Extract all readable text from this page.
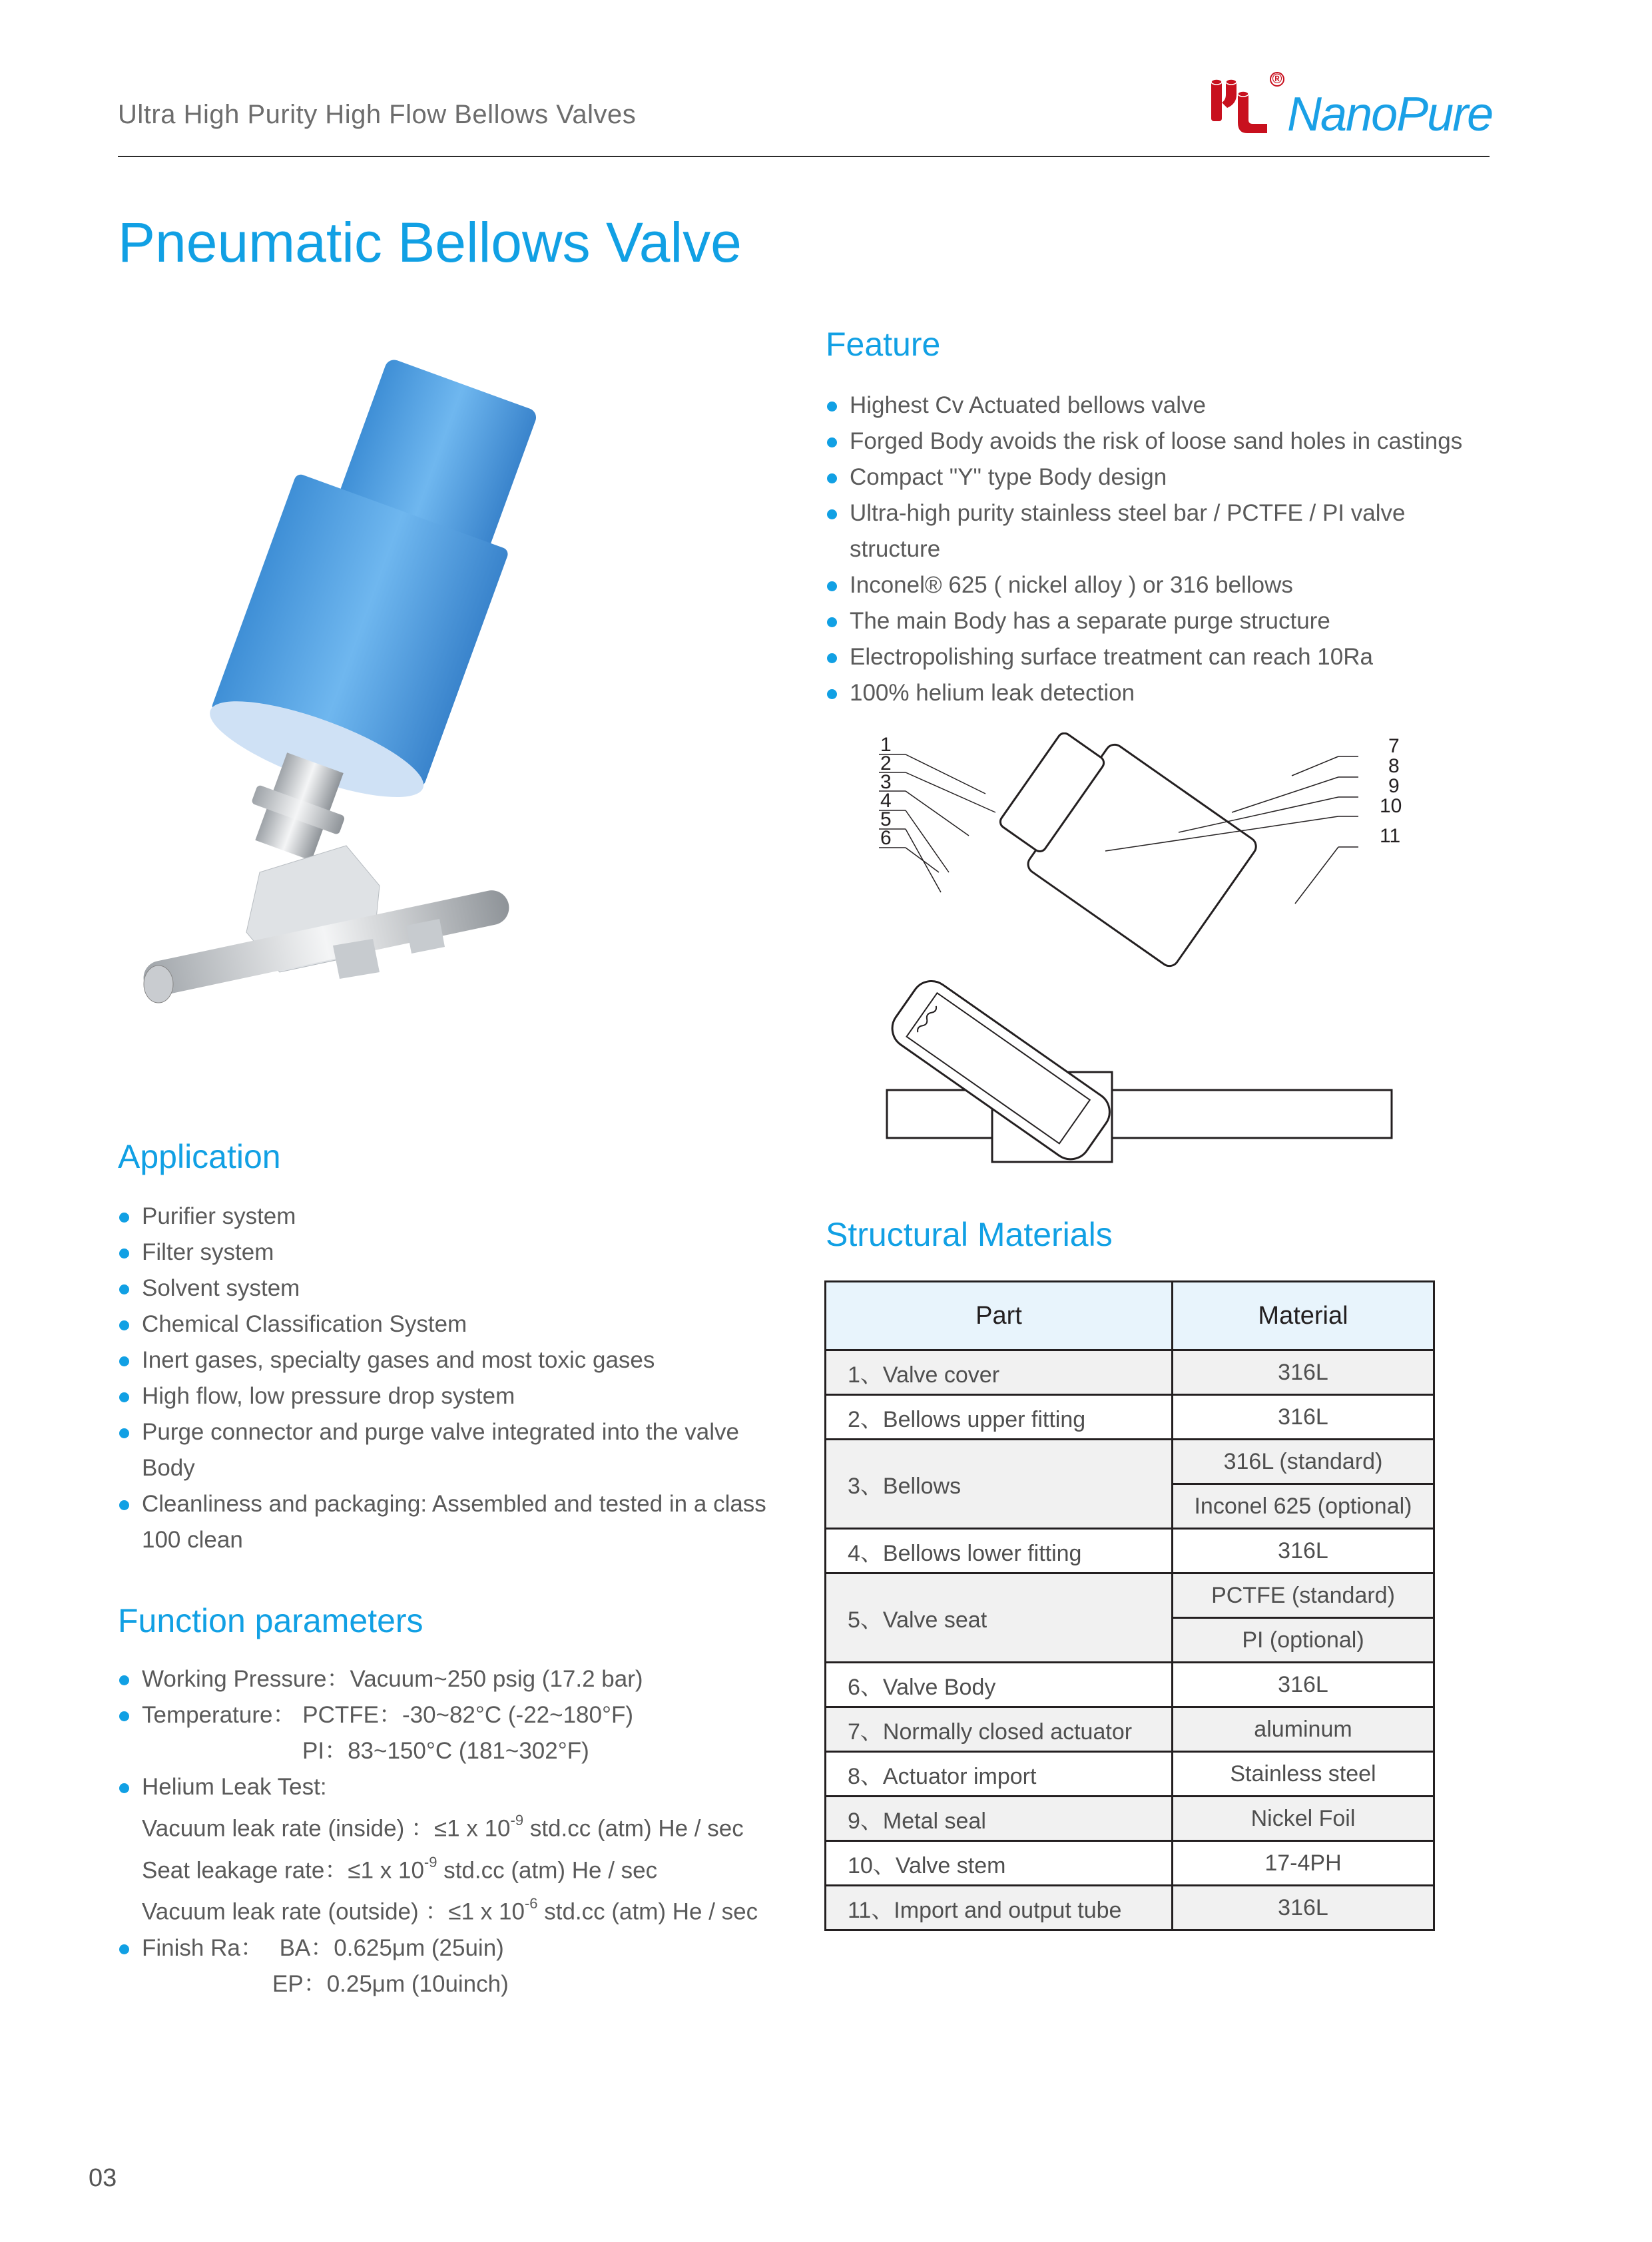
Ultra High Purity High Flow Bellows Valves
®
NanoPure
Pneumatic Bellows Valve
Feature
Highest Cv Actuated bellows valve
Forged Body avoids the risk of loose sand holes in castings
Compact "Y" type Body design
Ultra-high purity stainless steel bar / PCTFE / PI valve
structure
Inconel® 625 ( nickel alloy ) or 316 bellows
The main Body has a separate purge structure
Electropolishing surface treatment can reach 10Ra
100% helium leak detection
1
2
3
4
5
6
7
8
9
10
11
Application
Purifier system
Filter system
Solvent system
Chemical Classification System
Inert gases, specialty gases and most toxic gases
High flow, low pressure drop system
Purge connector and purge valve integrated into the valve
Body
Cleanliness and packaging: Assembled and tested in a class
100 clean
Structural Materials
Part	Material
1、Valve cover	316L
2、Bellows upper fitting	316L
3、Bellows	316L (standard)
	Inconel 625 (optional)
4、Bellows lower fitting	316L
5、Valve seat	PCTFE (standard)
	PI (optional)
6、Valve Body	316L
7、Normally closed actuator	aluminum
8、Actuator import	Stainless steel
9、Metal seal	Nickel Foil
10、Valve stem	17-4PH
11、Import and output tube	316L
Function parameters
Working Pressure：Vacuum~250 psig (17.2 bar)
Temperature： PCTFE：-30~82°C (-22~180°F)
PI：83~150°C (181~302°F)
Helium Leak Test:
Vacuum leak rate (inside) ：≤1 x $10^{-9}$ std.cc (atm) He / sec
Seat leakage rate：≤1 x $10^{-9}$ std.cc (atm) He / sec
Vacuum leak rate (outside) ：≤1 x $10^{-6}$ std.cc (atm) He / sec
Finish Ra： BA：0.625μm (25uin)
EP：0.25μm (10uinch)
03
